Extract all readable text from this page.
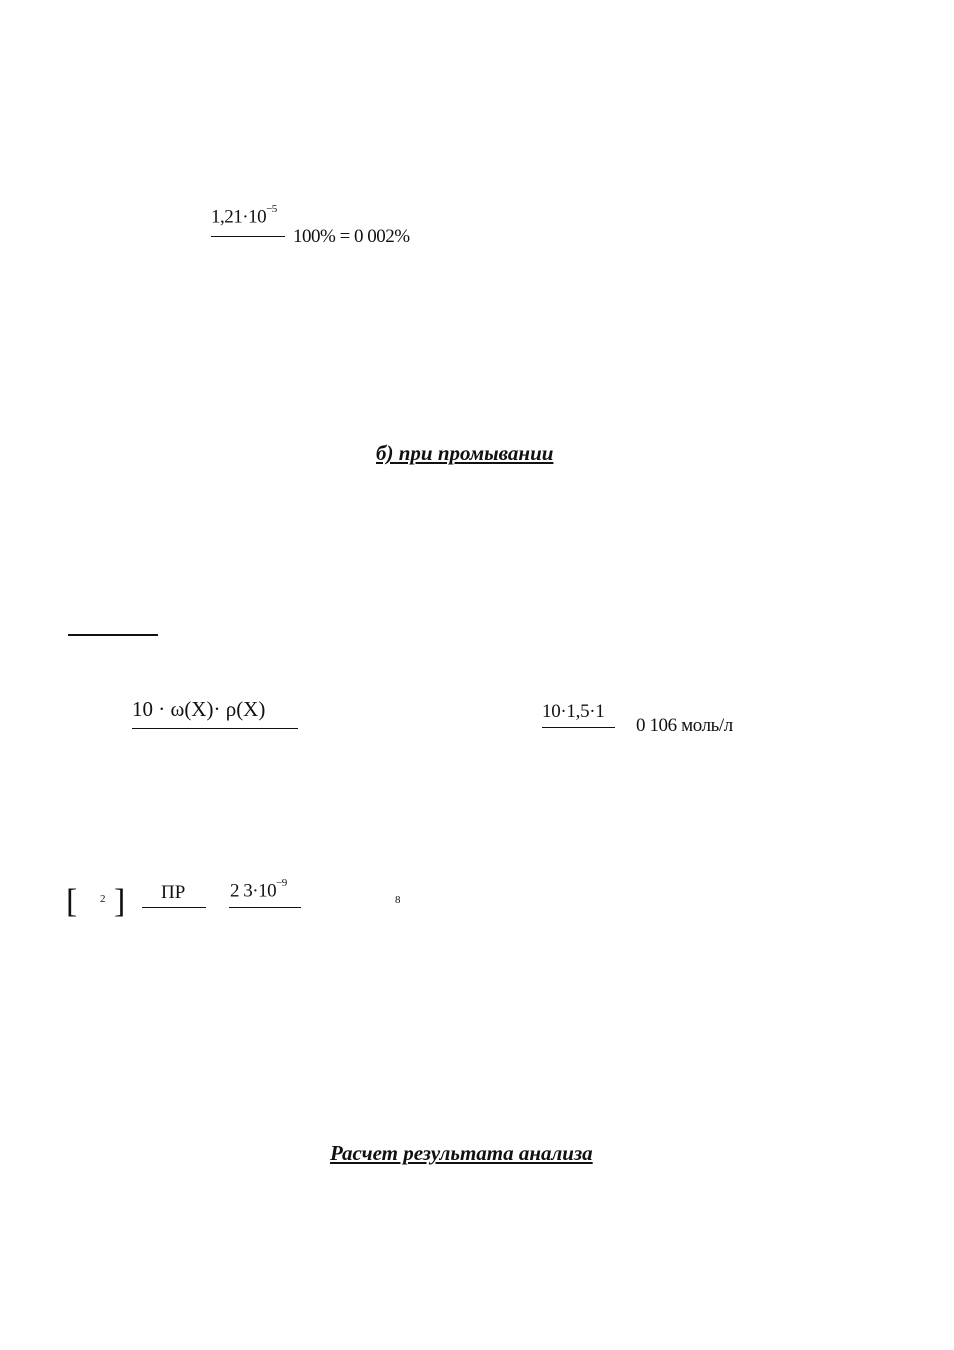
$1,21\cdot 10^{-5}$
100% = 0 002%
б) при промывании
10 · ω(X)· ρ(X)	10·1,5·1
0 106 моль/л
[ 2 ] ПР 2 $3\cdot 10^{-9}$
8
Расчет результата анализа
